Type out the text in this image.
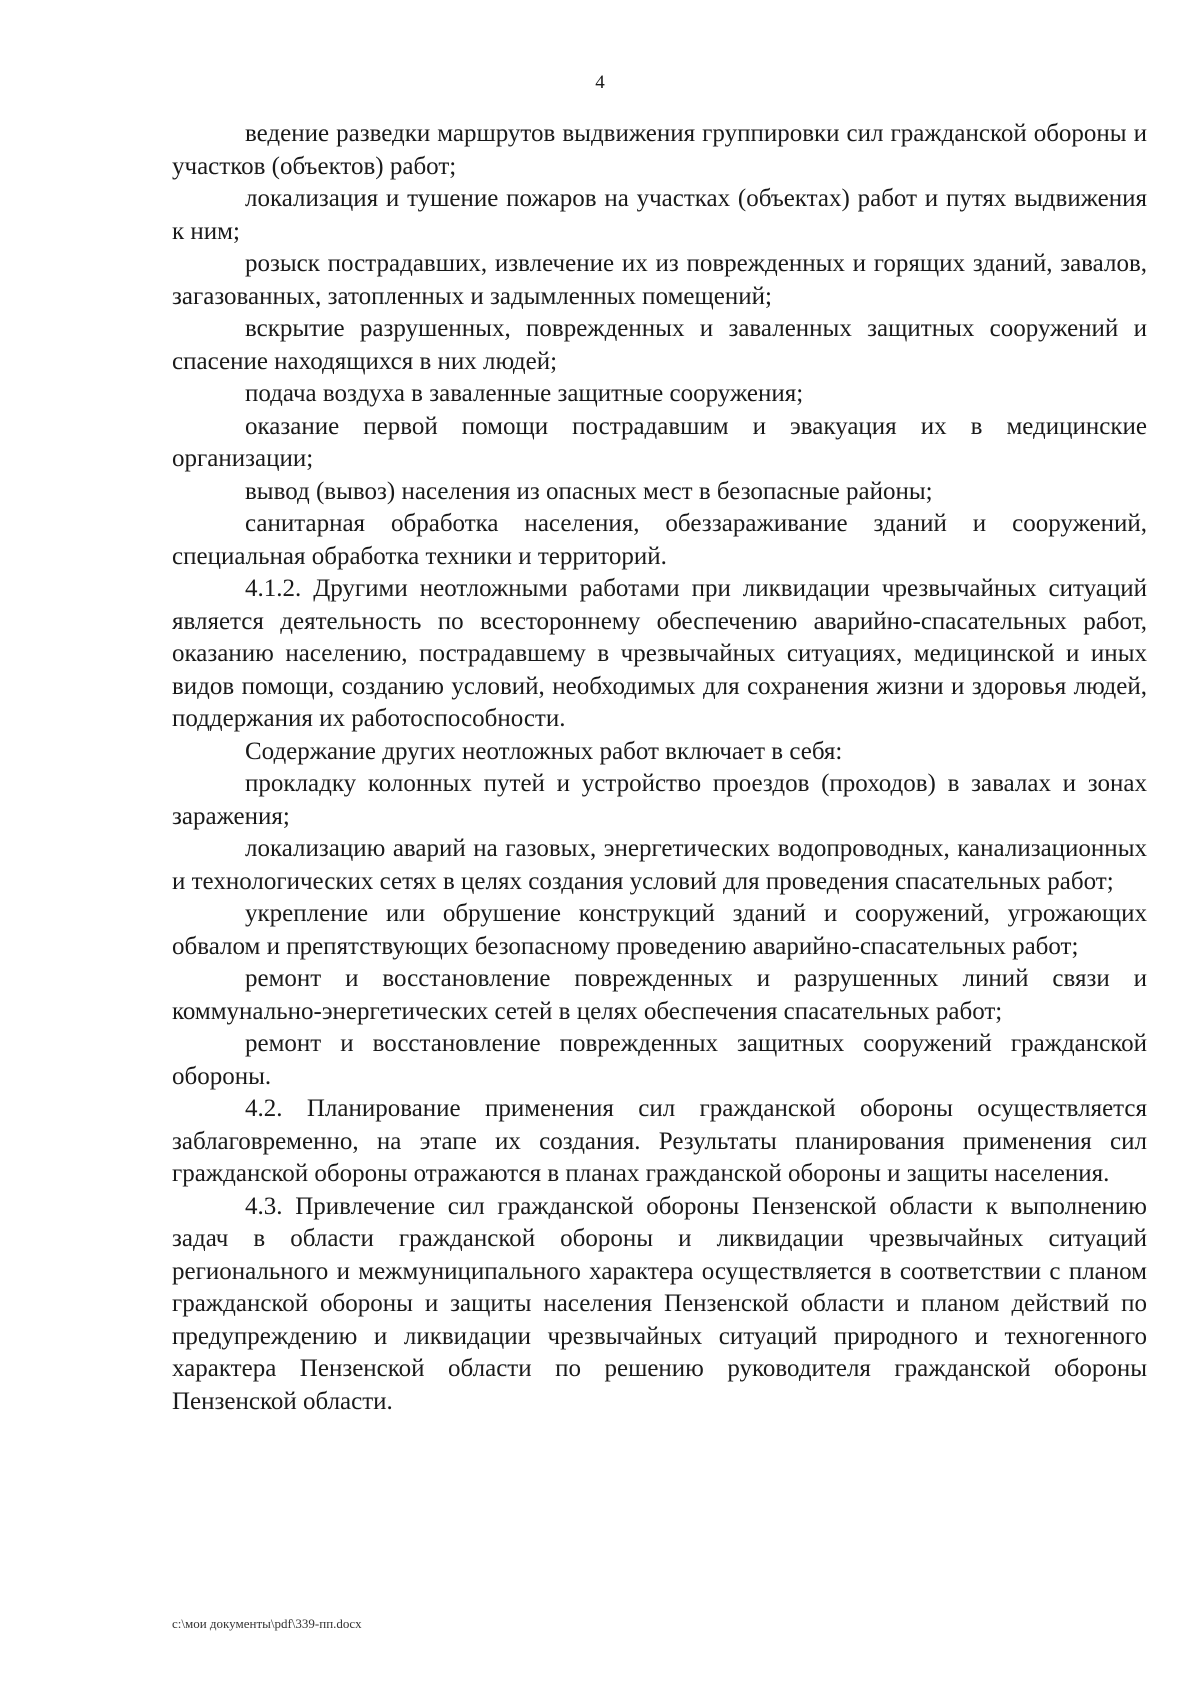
4

ведение разведки маршрутов выдвижения группировки сил гражданской обороны и участков (объектов) работ;

локализация и тушение пожаров на участках (объектах) работ и путях выдвижения к ним;

розыск пострадавших, извлечение их из поврежденных и горящих зданий, завалов, загазованных, затопленных и задымленных помещений;

вскрытие разрушенных, поврежденных и заваленных защитных сооружений и спасение находящихся в них людей;

подача воздуха в заваленные защитные сооружения;

оказание первой помощи пострадавшим и эвакуация их в медицинские организации;

вывод (вывоз) населения из опасных мест в безопасные районы;

санитарная обработка населения, обеззараживание зданий и сооружений, специальная обработка техники и территорий.

4.1.2. Другими неотложными работами при ликвидации чрезвычайных ситуаций является деятельность по всестороннему обеспечению аварийно-спасательных работ, оказанию населению, пострадавшему в чрезвычайных ситуациях, медицинской и иных видов помощи, созданию условий, необходимых для сохранения жизни и здоровья людей, поддержания их работоспособности.

Содержание других неотложных работ включает в себя:

прокладку колонных путей и устройство проездов (проходов) в завалах и зонах заражения;

локализацию аварий на газовых, энергетических водопроводных, канализационных и технологических сетях в целях создания условий для проведения спасательных работ;

укрепление или обрушение конструкций зданий и сооружений, угрожающих обвалом и препятствующих безопасному проведению аварийно-спасательных работ;

ремонт и восстановление поврежденных и разрушенных линий связи и коммунально-энергетических сетей в целях обеспечения спасательных работ;

ремонт и восстановление поврежденных защитных сооружений гражданской обороны.

4.2. Планирование применения сил гражданской обороны осуществляется заблаговременно, на этапе их создания. Результаты планирования применения сил гражданской обороны отражаются в планах гражданской обороны и защиты населения.

4.3. Привлечение сил гражданской обороны Пензенской области к выполнению задач в области гражданской обороны и ликвидации чрезвычайных ситуаций регионального и межмуниципального характера осуществляется в соответствии с планом гражданской обороны и защиты населения Пензенской области и планом действий по предупреждению и ликвидации чрезвычайных ситуаций природного и техногенного характера Пензенской области по решению руководителя гражданской обороны Пензенской области.

c:\мои документы\pdf\339-пп.docx
